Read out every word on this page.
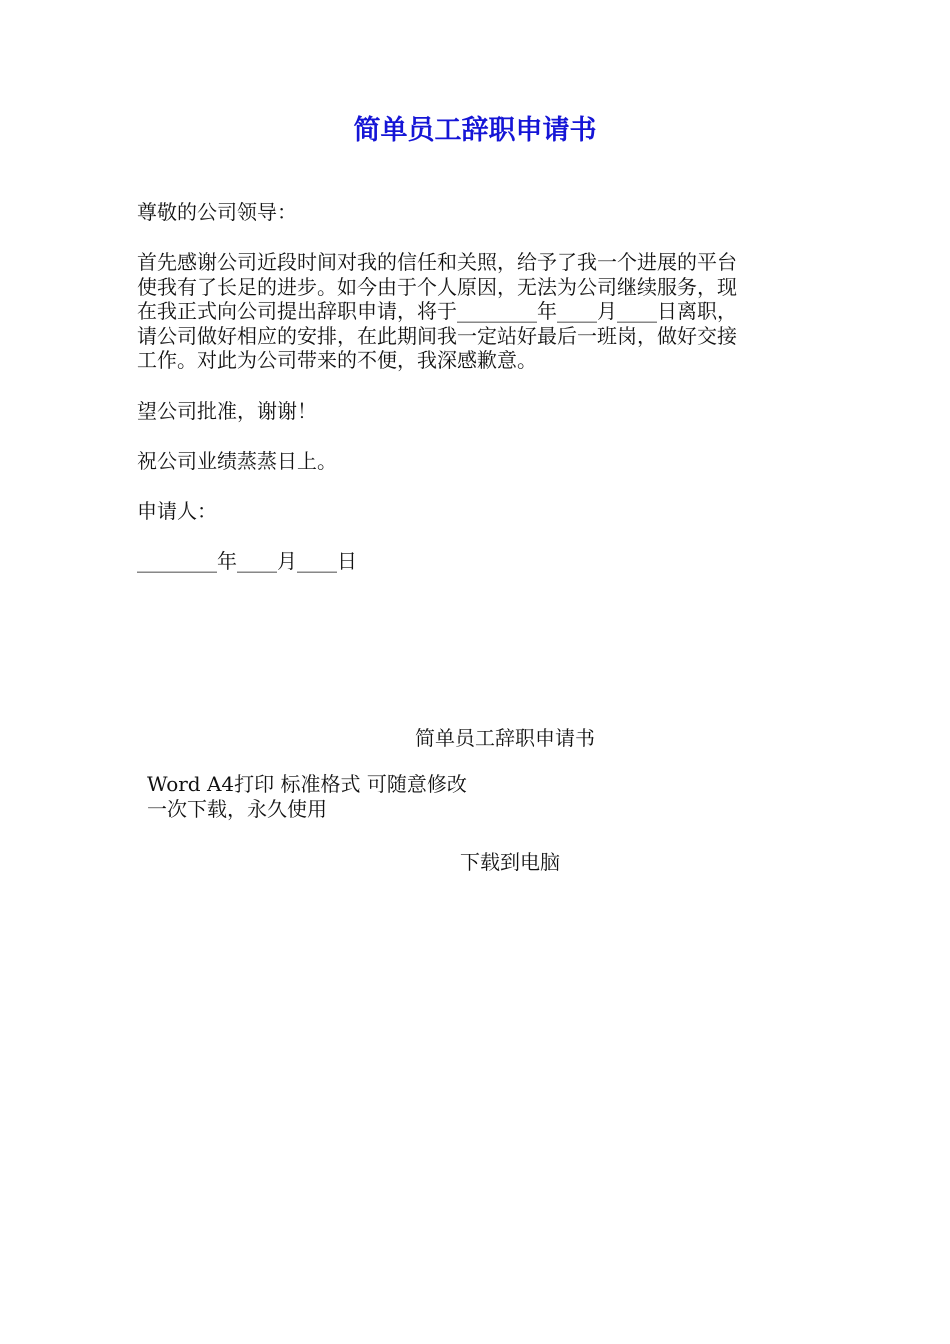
简单员工辞职申请书
尊敬的公司领导：
首先感谢公司近段时间对我的信任和关照，给予了我一个进展的平台
使我有了长足的进步。如今由于个人原因，无法为公司继续服务，现
在我正式向公司提出辞职申请，将于________年____月____日离职，
请公司做好相应的安排，在此期间我一定站好最后一班岗，做好交接
工作。对此为公司带来的不便，我深感歉意。
望公司批准，谢谢！
祝公司业绩蒸蒸日上。
申请人：
________年____月____日
简单员工辞职申请书
Word A4打印 标准格式 可随意修改
一次下载，永久使用
下载到电脑
